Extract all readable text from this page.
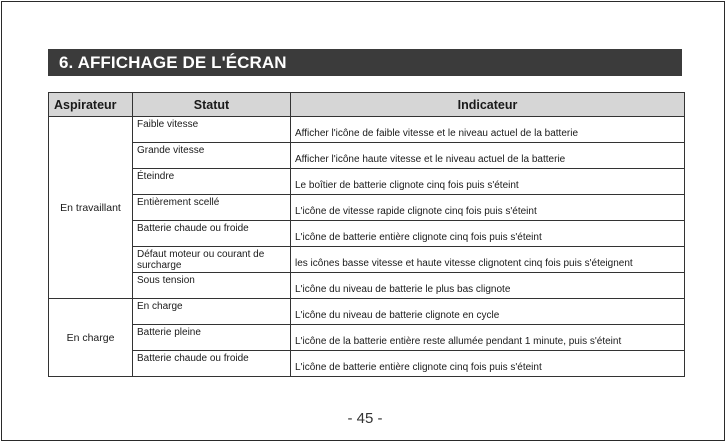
6. AFFICHAGE DE L'ÉCRAN
Aspirateur	Statut	Indicateur
En travaillant	Faible vitesse	Afficher l'icône de faible vitesse et le niveau actuel de la batterie
	Grande vitesse	Afficher l'icône haute vitesse et le niveau actuel de la batterie
	Éteindre	Le boîtier de batterie clignote cinq fois puis s'éteint
	Entièrement scellé	L'icône de vitesse rapide clignote cinq fois puis s'éteint
	Batterie chaude ou froide	L'icône de batterie entière clignote cinq fois puis s'éteint
	Défaut moteur ou courant de surcharge	les icônes basse vitesse et haute vitesse clignotent cinq fois puis s'éteignent
	Sous tension	L'icône du niveau de batterie le plus bas clignote
En charge	En charge	L'icône du niveau de batterie clignote en cycle
	Batterie pleine	L'icône de la batterie entière reste allumée pendant 1 minute, puis s'éteint
	Batterie chaude ou froide	L'icône de batterie entière clignote cinq fois puis s'éteint
- 45 -
